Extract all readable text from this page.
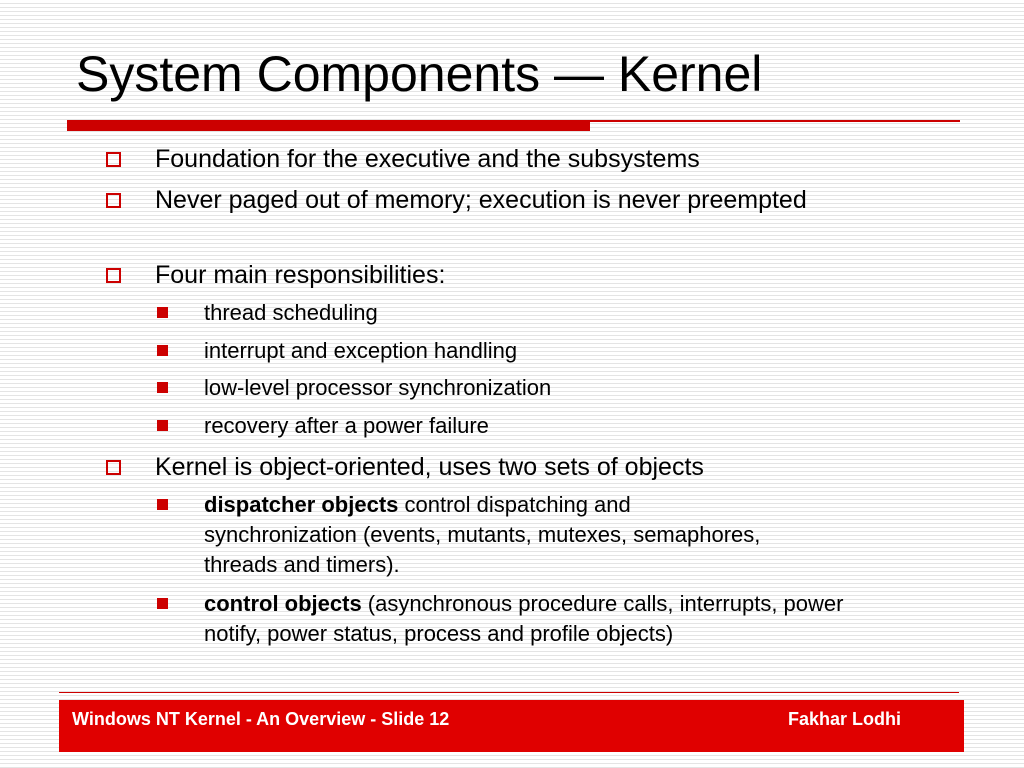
System Components — Kernel
Foundation for the executive and the subsystems
Never paged out of memory; execution is never preempted
Four main responsibilities:
thread scheduling
interrupt and exception handling
low-level processor synchronization
recovery after a power failure
Kernel is object-oriented, uses two sets of objects
dispatcher objects control dispatching and synchronization (events, mutants, mutexes, semaphores, threads and timers).
control objects (asynchronous procedure calls, interrupts, power notify, power status, process and profile objects)
Windows NT Kernel - An Overview - Slide 12	Fakhar Lodhi
